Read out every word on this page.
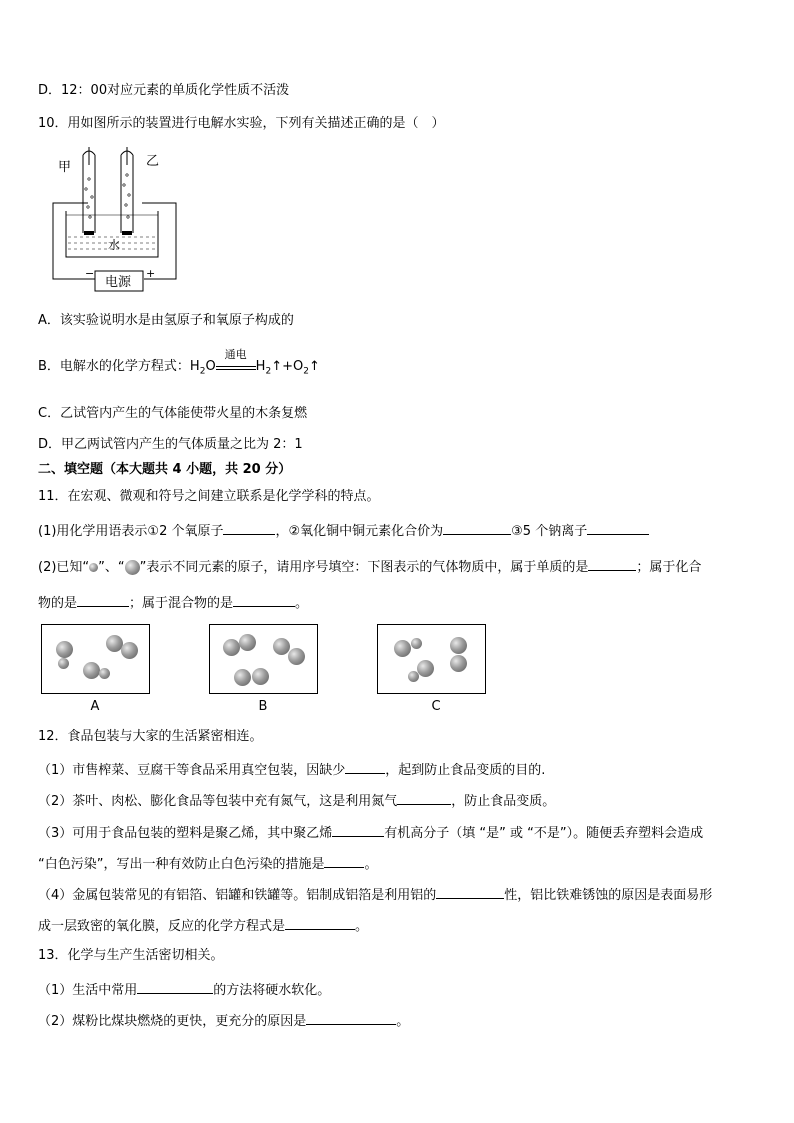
D．12：00对应元素的单质化学性质不活泼
10．用如图所示的装置进行电解水实验，下列有关描述正确的是（　）
甲	乙
水
−	+
电源
A．该实验说明水是由氢原子和氧原子构成的
B．电解水的化学方程式：$H_2O$
通电
$H_2↑+O_2↑$
C．乙试管内产生的气体能使带火星的木条复燃
D．甲乙两试管内产生的气体质量之比为 2：1
二、填空题（本大题共 4 小题，共 20 分）
11．在宏观、微观和符号之间建立联系是化学学科的特点。
(1)用化学用语表示①2 个氧原子	，②氧化铜中铜元素化合价为	③5 个钠离子
(2)已知“ ”、“ ”表示不同元素的原子，请用序号填空：下图表示的气体物质中，属于单质的是	；属于化合
物的是	；属于混合物的是	。
A	B	C
12．食品包装与大家的生活紧密相连。
（1）市售榨菜、豆腐干等食品采用真空包装，因缺少	，起到防止食品变质的目的.
（2）茶叶、肉松、膨化食品等包装中充有氮气，这是利用氮气	，防止食品变质。
（3）可用于食品包装的塑料是聚乙烯，其中聚乙烯	有机高分子（填 “是” 或 “不是”）。随便丢弃塑料会造成
“白色污染”，写出一种有效防止白色污染的措施是	。
（4）金属包装常见的有铝箔、铝罐和铁罐等。铝制成铝箔是利用铝的	性，铝比铁难锈蚀的原因是表面易形
成一层致密的氧化膜，反应的化学方程式是	。
13．化学与生产生活密切相关。
（1）生活中常用	的方法将硬水软化。
（2）煤粉比煤块燃烧的更快，更充分的原因是	。
